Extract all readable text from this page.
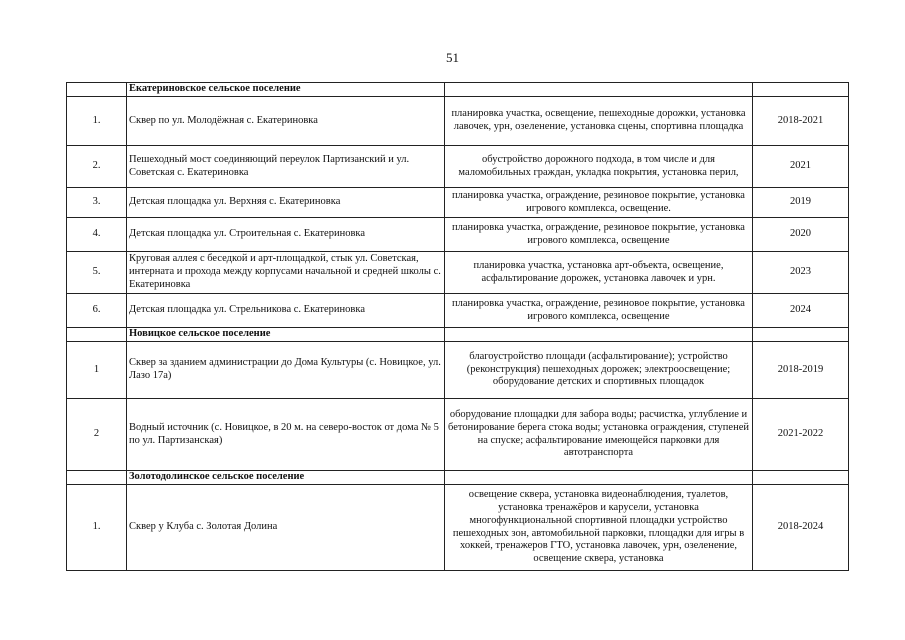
51
	Екатериновское сельское поселение		
1.	Сквер по ул. Молодёжная с. Екатериновка	планировка участка, освещение, пешеходные дорожки, установка лавочек, урн, озеленение, установка сцены, спортивна площадка	2018-2021
2.	Пешеходный мост соединяющий переулок Партизанский и ул. Советская с. Екатериновка	обустройство дорожного подхода, в том числе и для маломобильных граждан, укладка покрытия, установка перил,	2021
3.	Детская площадка ул. Верхняя с. Екатериновка	планировка участка, ограждение, резиновое покрытие, установка игрового комплекса, освещение.	2019
4.	Детская площадка ул. Строительная с. Екатериновка	планировка участка, ограждение, резиновое покрытие, установка игрового комплекса, освещение	2020
5.	Круговая аллея с беседкой и арт-площадкой, стык ул. Советская, интерната и прохода между корпусами начальной и средней школы с. Екатериновка	планировка участка, установка арт-объекта, освещение, асфальтирование дорожек, установка лавочек и урн.	2023
6.	Детская площадка ул. Стрельникова с. Екатериновка	планировка участка, ограждение, резиновое покрытие, установка игрового комплекса, освещение	2024
	Новицкое сельское поселение		
1	Сквер за зданием администрации до Дома Культуры (с. Новицкое, ул. Лазо 17а)	благоустройство площади (асфальтирование); устройство (реконструкция) пешеходных дорожек; электроосвещение; оборудование детских и спортивных площадок	2018-2019
2	Водный источник (с. Новицкое, в 20 м. на северо-восток от дома № 5 по ул. Партизанская)	оборудование площадки для забора воды; расчистка, углубление и бетонирование берега стока воды; установка ограждения, ступеней на спуске; асфальтирование имеющейся парковки для автотранспорта	2021-2022
	Золотодолинское сельское поселение		
1.	Сквер у Клуба с. Золотая Долина	освещение сквера, установка видеонаблюдения, туалетов, установка тренажёров и карусели, установка многофункциональной спортивной площадки устройство пешеходных зон, автомобильной парковки, площадки для игры в хоккей, тренажеров ГТО, установка лавочек, урн, озеленение, освещение сквера, установка	2018-2024
